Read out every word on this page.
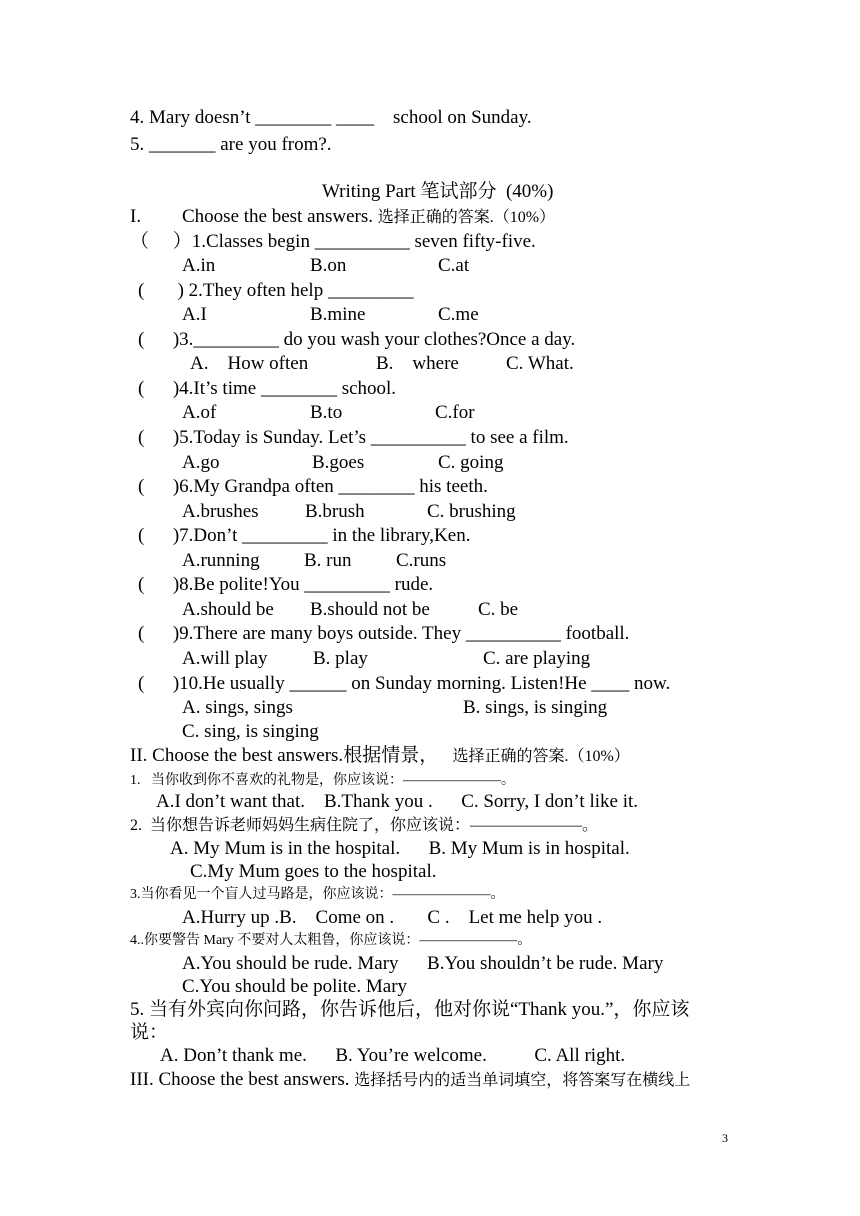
4. Mary doesn’t ________ ____    school on Sunday.
5. _______ are you from?.
Writing Part 笔试部分  (40%)
I. Choose the best answers. 选择正确的答案.（10%）
（     ）1.Classes begin __________ seven fifty-five.
A.in	B.on	C.at
(       ) 2.They often help _________
A.I	B.mine	C.me
(      )3._________ do you wash your clothes?Once a day.
A.    How often	B.    where C. What.
(      )4.It’s time ________ school.
A.of	B.to	C.for
(      )5.Today is Sunday. Let’s __________ to see a film.
A.go	B.goes	C. going
(      )6.My Grandpa often ________ his teeth.
A.brushes B.brush	C. brushing
(      )7.Don’t _________ in the library,Ken.
A.running B. run C.runs
(      )8.Be polite!You _________ rude.
A.should be B.should not be	C. be
(      )9.There are many boys outside. They __________ football.
A.will play B. play	C. are playing
(      )10.He usually ______ on Sunday morning. Listen!He ____ now.
A. sings, sings	B. sings, is singing
C. sing, is singing
II. Choose the best answers.根据情景， 选择正确的答案.（10%）
1.   当你收到你不喜欢的礼物是，你应该说：———————。
A.I don’t want that.    B.Thank you .      C. Sorry, I don’t like it.
2.  当你想告诉老师妈妈生病住院了，你应该说：———————。
A. My Mum is in the hospital.      B. My Mum is in hospital.
C.My Mum goes to the hospital.
3.当你看见一个盲人过马路是，你应该说：———————。
A.Hurry up .B.    Come on .       C .    Let me help you .
4..你要警告 Mary 不要对人太粗鲁，你应该说：———————。
A.You should be rude. Mary      B.You shouldn’t be rude. Mary
C.You should be polite. Mary
5. 当有外宾向你问路，你告诉他后，他对你说“Thank you.”，你应该
说：
A. Don’t thank me.      B. You’re welcome.          C. All right.
III. Choose the best answers. 选择括号内的适当单词填空，将答案写在横线上
3
